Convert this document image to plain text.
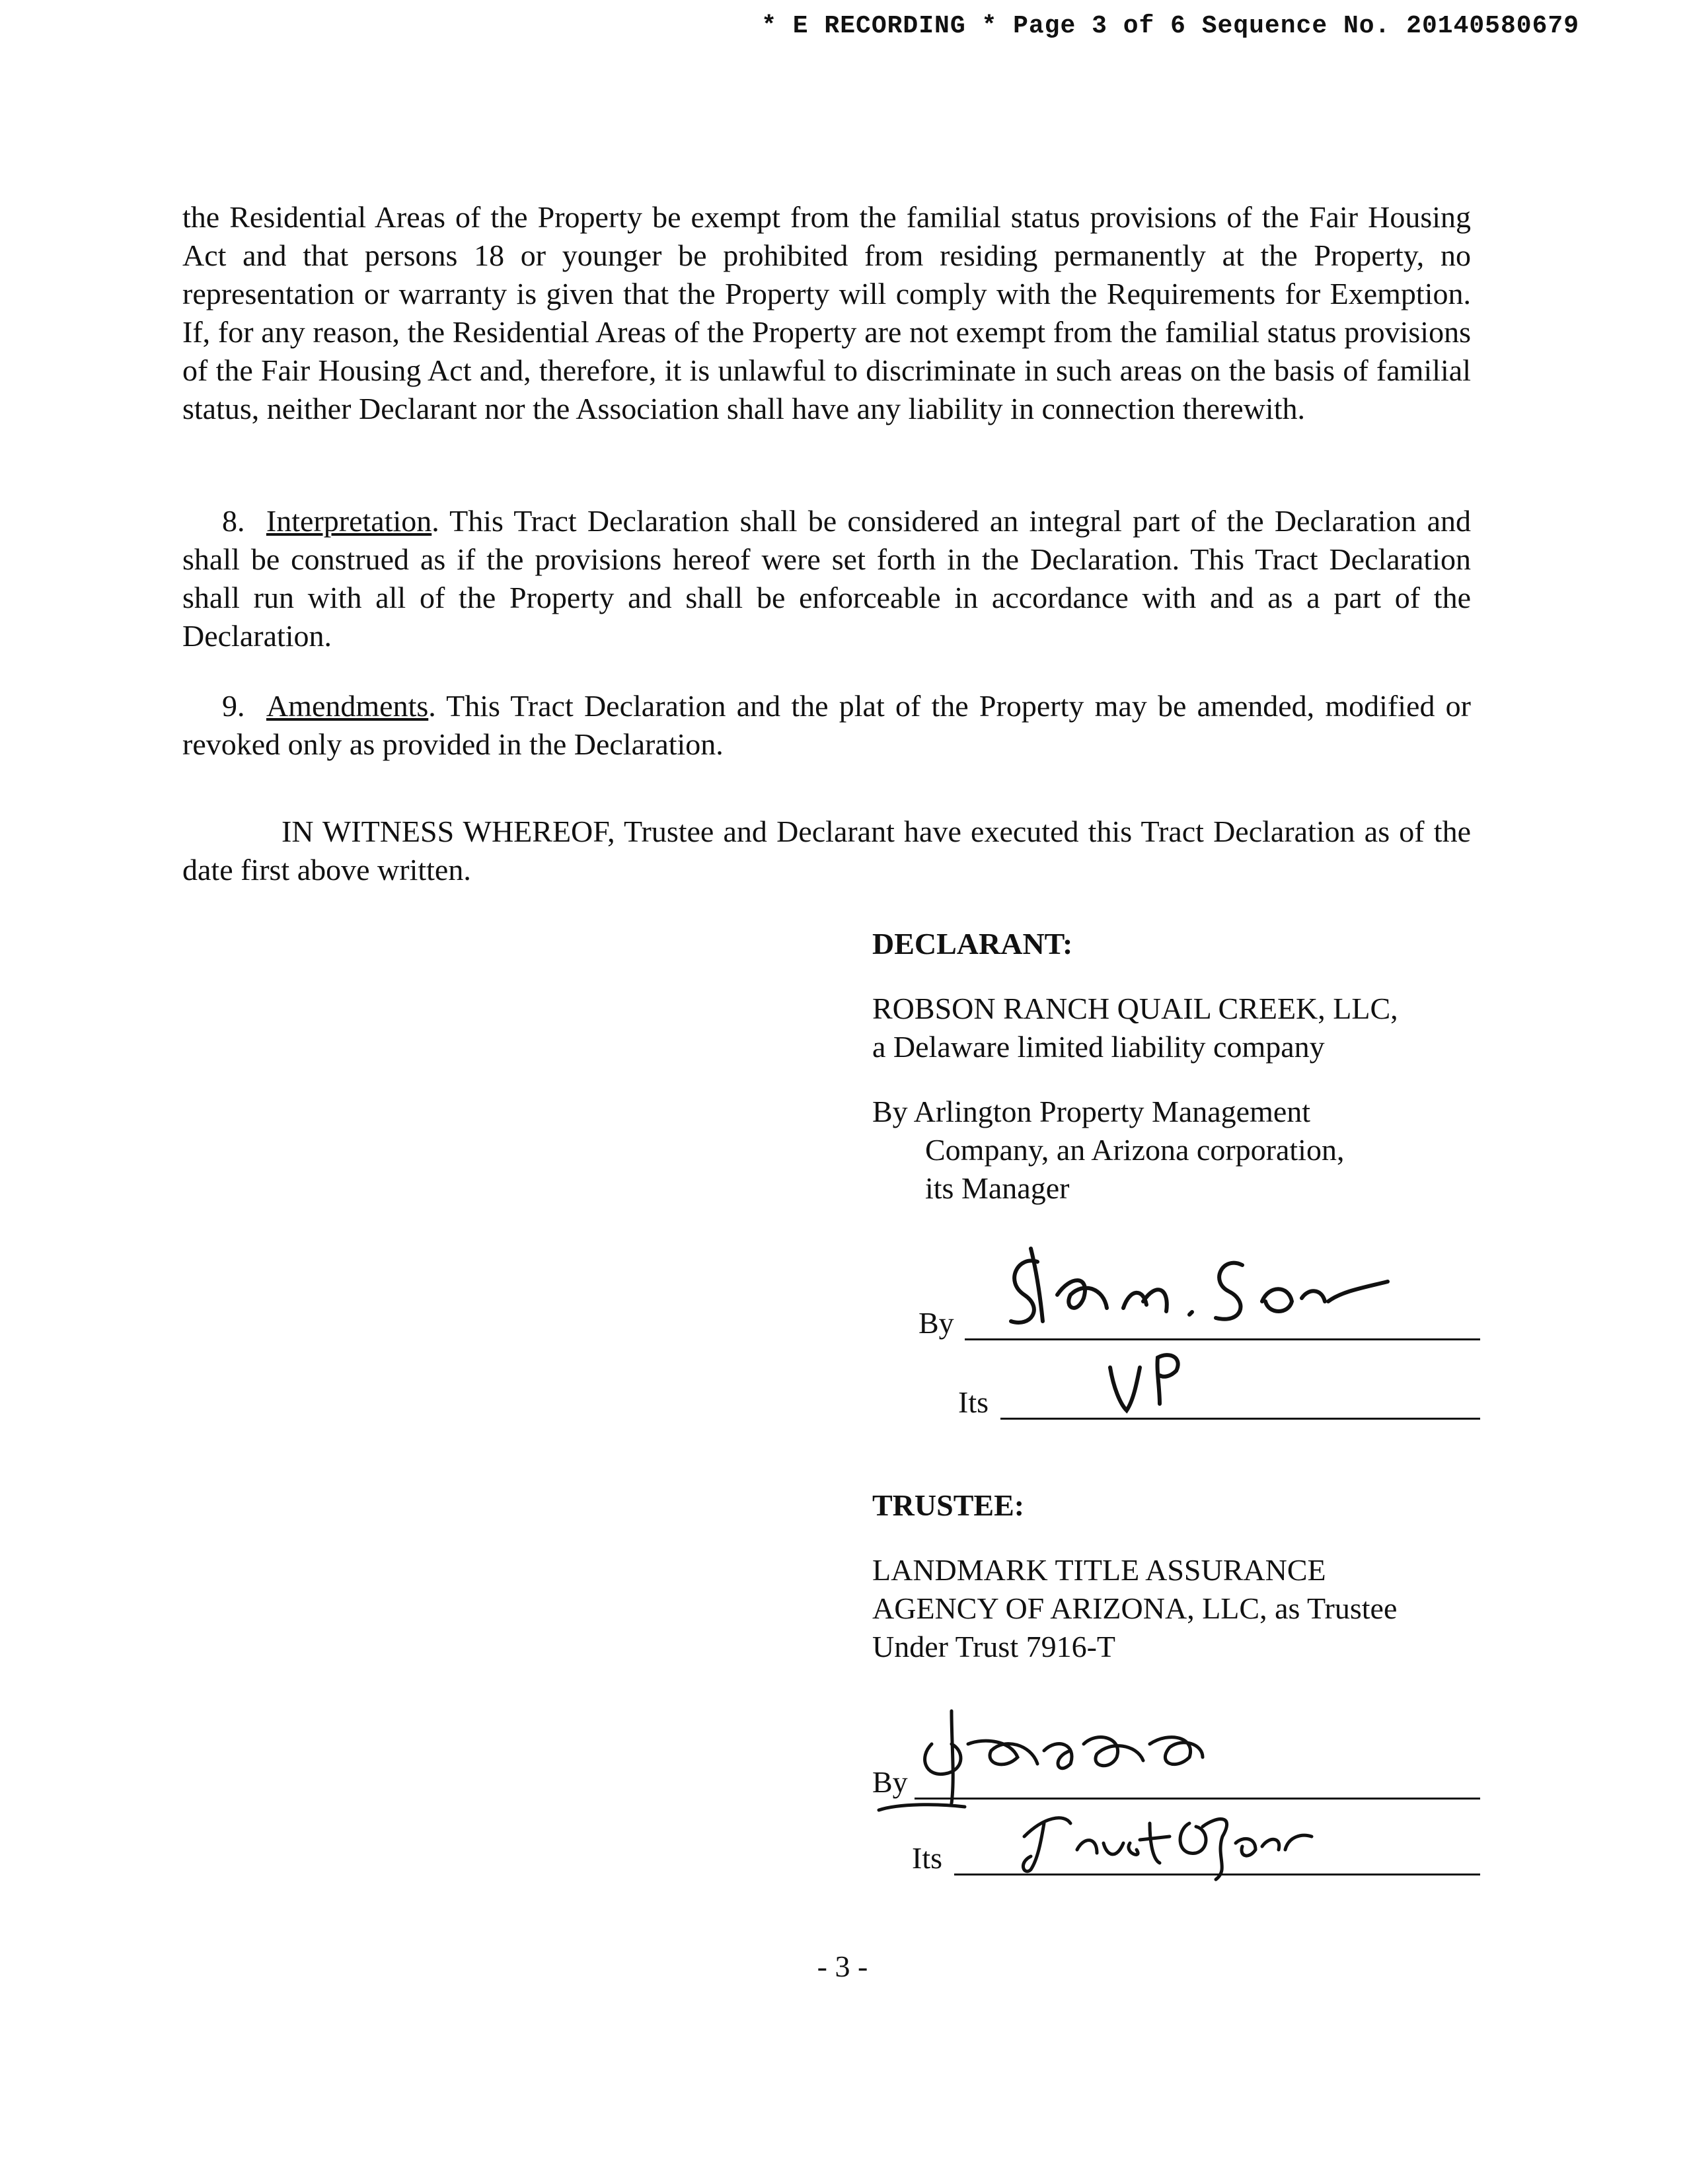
* E RECORDING * Page 3 of 6 Sequence No. 20140580679

the Residential Areas of the Property be exempt from the familial status provisions of the Fair Housing Act and that persons 18 or younger be prohibited from residing permanently at the Property, no representation or warranty is given that the Property will comply with the Requirements for Exemption. If, for any reason, the Residential Areas of the Property are not exempt from the familial status provisions of the Fair Housing Act and, therefore, it is unlawful to discriminate in such areas on the basis of familial status, neither Declarant nor the Association shall have any liability in connection therewith.

8. Interpretation. This Tract Declaration shall be considered an integral part of the Declaration and shall be construed as if the provisions hereof were set forth in the Declaration. This Tract Declaration shall run with all of the Property and shall be enforceable in accordance with and as a part of the Declaration.

9. Amendments. This Tract Declaration and the plat of the Property may be amended, modified or revoked only as provided in the Declaration.

IN WITNESS WHEREOF, Trustee and Declarant have executed this Tract Declaration as of the date first above written.

DECLARANT:
ROBSON RANCH QUAIL CREEK, LLC,
a Delaware limited liability company
By Arlington Property Management
Company, an Arizona corporation,
its Manager
By
Its
TRUSTEE:
LANDMARK TITLE ASSURANCE
AGENCY OF ARIZONA, LLC, as Trustee
Under Trust 7916-T
By
Its
- 3 -
